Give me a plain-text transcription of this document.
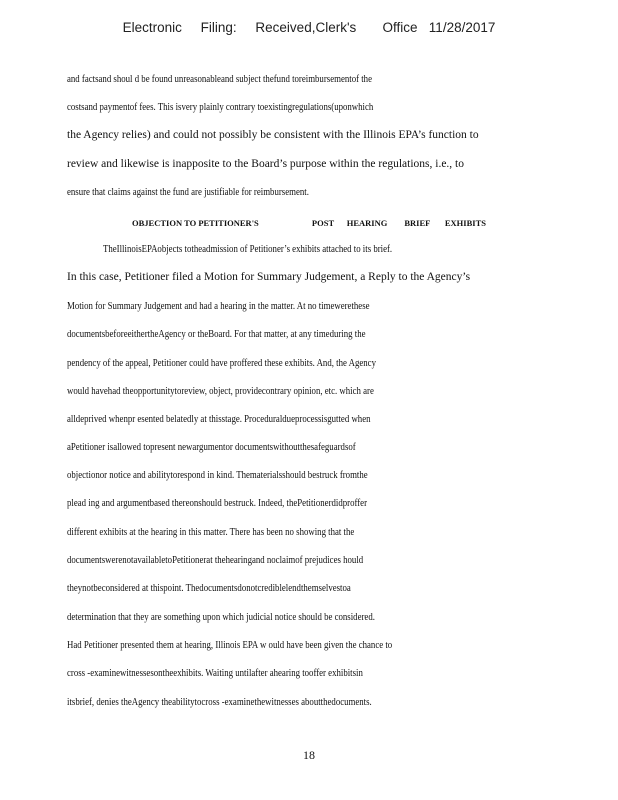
Electronic     Filing:     Received,Clerk's       Office   11/28/2017
and factsand shoul d be found unreasonableand subject thefund toreimbursementof the
costsand paymentof fees. This isvery plainly contrary toexistingregulations(uponwhich
the Agency relies) and could not possibly be consistent with the Illinois EPA’s function to
review and likewise is inapposite to the Board’s purpose within the regulations, i.e., to
ensure that claims against the fund are justifiable for reimbursement.
OBJECTION TO PETITIONER'S                         POST      HEARING        BRIEF       EXHIBITS
TheIllinoisEPAobjects totheadmission of Petitioner’s exhibits attached to its brief.
In this case, Petitioner filed a Motion for Summary Judgement, a Reply to the Agency’s
Motion for Summary Judgement and had a hearing in the matter. At no timewerethese
documentsbeforeeithertheAgency or theBoard. For that matter, at any timeduring the
pendency of the appeal, Petitioner could have proffered these exhibits. And, the Agency
would havehad theopportunitytoreview, object, providecontrary opinion, etc. which are
alldeprived whenpr esented belatedly at thisstage. Proceduraldueprocessisgutted when
aPetitioner isallowed topresent newargumentor documentswithoutthesafeguardsof
objectionor notice and abilitytorespond in kind. Thematerialsshould bestruck fromthe
plead ing and argumentbased thereonshould bestruck. Indeed, thePetitionerdidproffer
different exhibits at the hearing in this matter. There has been no showing that the
documentswerenotavailabletoPetitionerat thehearingand noclaimof prejudices hould
theynotbeconsidered at thispoint. Thedocumentsdonotcrediblelendthemselvestoa
determination that they are something upon which judicial notice should be considered.
Had Petitioner presented them at hearing, Illinois EPA w ould have been given the chance to
cross -examinewitnessesontheexhibits. Waiting untilafter ahearing tooffer exhibitsin
itsbrief, denies theAgency theabilitytocross -examinethewitnesses aboutthedocuments.
18
